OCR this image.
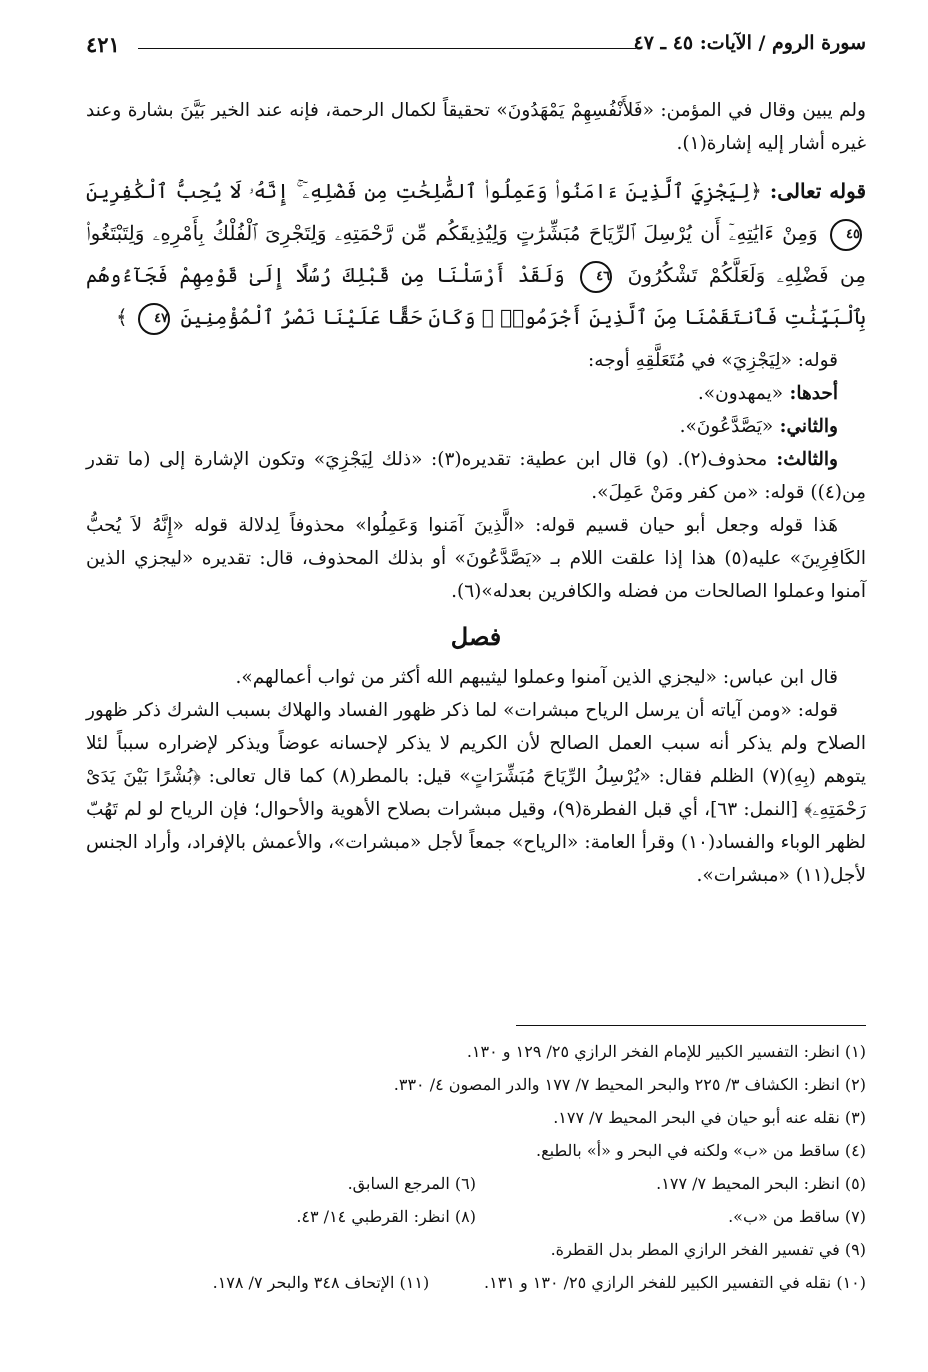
٤٢١	سورة الروم / الآيات: ٤٥ ـ ٤٧

ولم يبين وقال في المؤمن: «فَلأَنْفُسِهِمْ يَمْهَدُونَ» تحقيقاً لكمال الرحمة، فإنه عند الخير بَيَّنَ بشارة وعند غيره أشار إليه إشارة(١).

قوله تعالى: ﴿لِيَجْزِيَ ٱلَّذِينَ ءَامَنُوا۟ وَعَمِلُوا۟ ٱلصَّٰلِحَٰتِ مِن فَضْلِهِۦٓ ۚ إِنَّهُۥ لَا يُحِبُّ ٱلْكَٰفِرِينَ ٤٥ وَمِنْ ءَايَٰتِهِۦٓ أَن يُرْسِلَ ٱلرِّيَاحَ مُبَشِّرَٰتٍ وَلِيُذِيقَكُم مِّن رَّحْمَتِهِۦ وَلِتَجْرِىَ ٱلْفُلْكُ بِأَمْرِهِۦ وَلِتَبْتَغُوا۟ مِن فَضْلِهِۦ وَلَعَلَّكُمْ تَشْكُرُونَ ٤٦ وَلَقَدْ أَرْسَلْنَا مِن قَبْلِكَ رُسُلًا إِلَىٰ قَوْمِهِمْ فَجَآءُوهُم بِٱلْبَيِّنَٰتِ فَٱنتَقَمْنَا مِنَ ٱلَّذِينَ أَجْرَمُوا۟ ۖ وَكَانَ حَقًّا عَلَيْنَا نَصْرُ ٱلْمُؤْمِنِينَ ٤٧ ﴾

قوله: «لِيَجْزِيَ» في مُتَعَلَّقِهِ أوجه:

أحدها: «يمهدون».

والثاني: «يَصَّدَّعُونَ».

والثالث: محذوف(٢). (و) قال ابن عطية: تقديره(٣): «ذلك لِيَجْزِيَ» وتكون الإشارة إلى (ما تقدر مِن(٤)) قوله: «من كفر ومَنْ عَمِلَ».

هَذا قوله وجعل أبو حيان قسيم قوله: «الَّذِينَ آمَنوا وَعَمِلُوا» محذوفاً لِدلالة قوله «إِنَّهُ لاَ يُحبُّ الكَافِرِينَ» عليه(٥) هذا إذا علقت اللام بـ «يَصَّدَّعُونَ» أو بذلك المحذوف، قال: تقديره «ليجزي الذين آمنوا وعملوا الصالحات من فضله والكافرين بعدله»(٦).

فصل

قال ابن عباس: «ليجزي الذين آمنوا وعملوا ليثيبهم الله أكثر من ثواب أعمالهم».

قوله: «ومن آياته أن يرسل الرياح مبشرات» لما ذكر ظهور الفساد والهلاك بسبب الشرك ذكر ظهور الصلاح ولم يذكر أنه سبب العمل الصالح لأن الكريم لا يذكر لإحسانه عوضاً ويذكر لإضراره سبباً لئلا يتوهم (بِهِ)(٧) الظلم فقال: «يُرْسِلُ الرِّيَاحَ مُبَشِّرَاتٍ» قيل: بالمطر(٨) كما قال تعالى: ﴿بُشْرًا بَيْنَ يَدَىْ رَحْمَتِهِۦ﴾ [النمل: ٦٣]، أي قبل الفطرة(٩)، وقيل مبشرات بصلاح الأهوية والأحوال؛ فإن الرياح لو لم تَهُبّ لظهر الوباء والفساد(١٠) وقرأ العامة: «الرياح» جمعاً لأجل «مبشرات»، والأعمش بالإفراد، وأراد الجنس لأجل(١١) «مبشرات».

(١) انظر: التفسير الكبير للإمام الفخر الرازي ٢٥/ ١٢٩ و ١٣٠.
(٢) انظر: الكشاف ٣/ ٢٢٥ والبحر المحيط ٧/ ١٧٧ والدر المصون ٤/ ٣٣٠.
(٣) نقله عنه أبو حيان في البحر المحيط ٧/ ١٧٧.
(٤) ساقط من «ب» ولكنه في البحر و «أ» بالطبع.
(٥) انظر: البحر المحيط ٧/ ١٧٧.
(٦) المرجع السابق.
(٧) ساقط من «ب».
(٨) انظر: القرطبي ١٤/ ٤٣.
(٩) في تفسير الفخر الرازي المطر بدل القطرة.
(١٠) نقله في التفسير الكبير للفخر الرازي ٢٥/ ١٣٠ و ١٣١.
(١١) الإتحاف ٣٤٨ والبحر ٧/ ١٧٨.
